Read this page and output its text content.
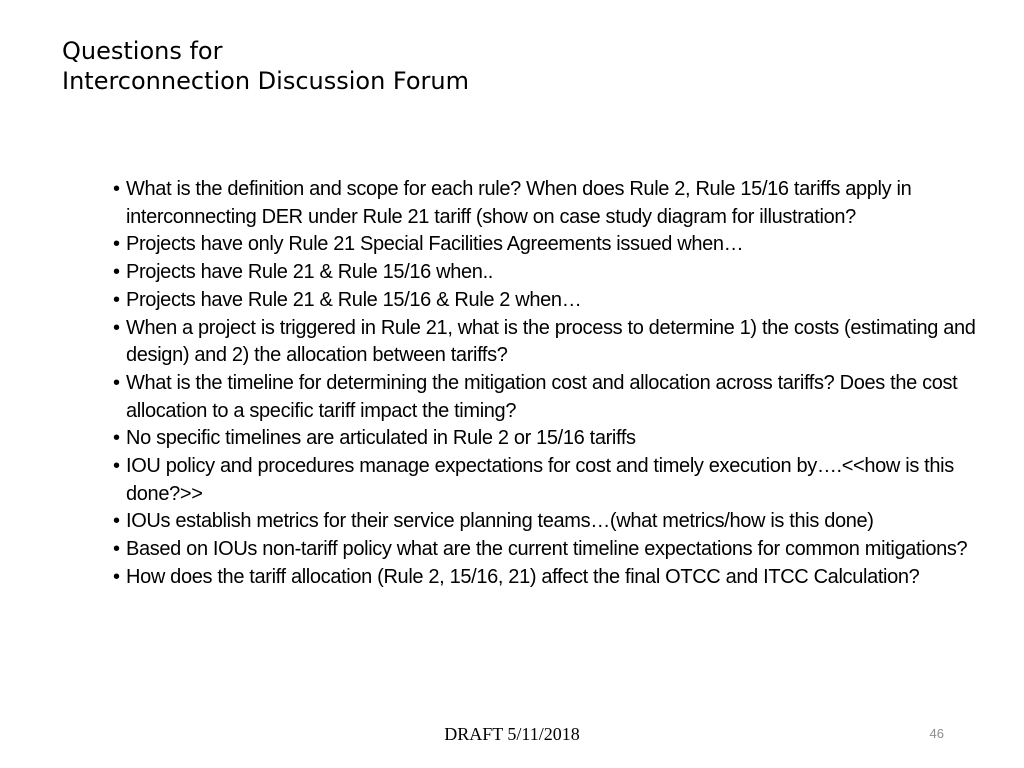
Questions for
Interconnection Discussion Forum
• What is the definition and scope for each rule? When does Rule 2, Rule 15/16 tariffs apply in interconnecting DER under Rule 21 tariff (show on case study diagram for illustration?
• Projects have only Rule 21 Special Facilities Agreements issued when…
• Projects have Rule 21 & Rule 15/16 when..
• Projects have Rule 21 & Rule 15/16 & Rule 2 when…
• When a project is triggered in Rule 21, what is the process to determine 1) the costs (estimating and design) and 2) the allocation between tariffs?
• What is the timeline for determining the mitigation cost and allocation across tariffs? Does the cost allocation to a specific tariff impact the timing?
• No specific timelines are articulated in Rule 2 or 15/16 tariffs
• IOU policy and procedures manage expectations for cost and timely execution by….<<how is this done?>>
• IOUs establish metrics for their service planning teams…(what metrics/how is this done)
• Based on IOUs non-tariff policy what are the current timeline expectations for common mitigations?
• How does the tariff allocation (Rule 2, 15/16, 21) affect the final OTCC and ITCC Calculation?
DRAFT 5/11/2018	46
